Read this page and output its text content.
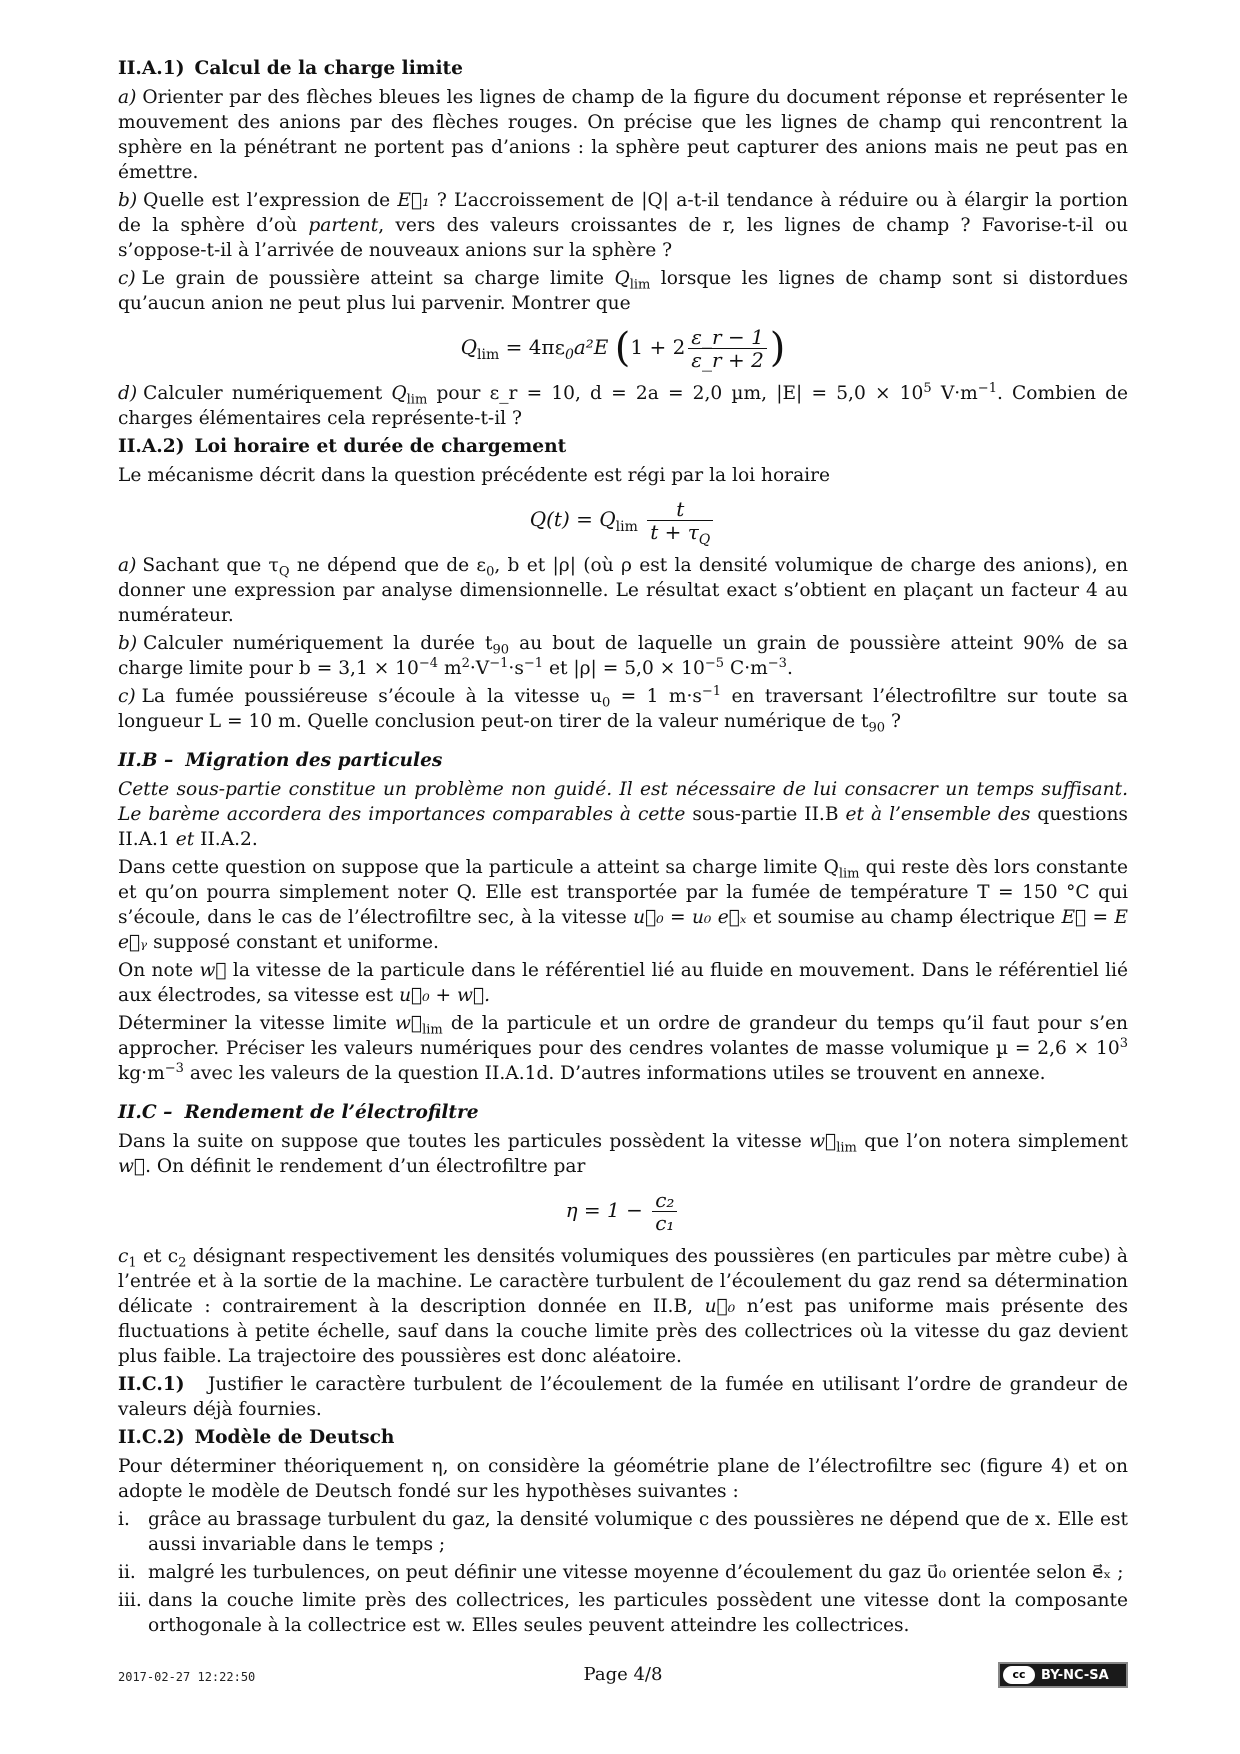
II.A.1) Calcul de la charge limite

a) Orienter par des flèches bleues les lignes de champ de la figure du document réponse et représenter le mouvement des anions par des flèches rouges. On précise que les lignes de champ qui rencontrent la sphère en la pénétrant ne portent pas d’anions : la sphère peut capturer des anions mais ne peut pas en émettre.

b) Quelle est l’expression de E⃗₁ ? L’accroissement de |Q| a-t-il tendance à réduire ou à élargir la portion de la sphère d’où partent, vers des valeurs croissantes de r, les lignes de champ ? Favorise-t-il ou s’oppose-t-il à l’arrivée de nouveaux anions sur la sphère ?

c) Le grain de poussière atteint sa charge limite $Q_{lim}$ lorsque les lignes de champ sont si distordues qu’aucun anion ne peut plus lui parvenir. Montrer que

$Q_{lim} = 4\pi\varepsilon_0a^2E$ ($1 + 2 \frac{\varepsilon\_r - 1}{\varepsilon\_r + 2}$ )

d) Calculer numériquement $Q_{lim}$ pour ε_r = 10, d = 2a = 2,0 µm, $|E| = 5,0 \times 10^5$ $V\cdot m^{-1}$. Combien de charges élémentaires cela représente-t-il ?

II.A.2) Loi horaire et durée de chargement

Le mécanisme décrit dans la question précédente est régi par la loi horaire

$Q(t) = Q_{lim} \frac{t}{t + \tau_Q}$

a) Sachant que $\tau_Q$ ne dépend que de $\varepsilon_0$, b et |ρ| (où ρ est la densité volumique de charge des anions), en donner une expression par analyse dimensionnelle. Le résultat exact s’obtient en plaçant un facteur 4 au numérateur.

b) Calculer numériquement la durée $t_{90}$ au bout de laquelle un grain de poussière atteint 90% de sa charge limite pour $b = 3,1 \times 10^{-4}$ $m^2\cdot V^{-1}\cdot s^{-1}$ et $|\rho| = 5,0 \times 10^{-5}$ $C\cdot m^{-3}$.

c) La fumée poussiéreuse s’écoule à la vitesse $u_0 = 1$ $m\cdot s^{-1}$ en traversant l’électrofiltre sur toute sa longueur L = 10 m. Quelle conclusion peut-on tirer de la valeur numérique de $t_{90}$ ?

II.B – Migration des particules

Cette sous-partie constitue un problème non guidé. Il est nécessaire de lui consacrer un temps suffisant. Le barème accordera des importances comparables à cette sous-partie II.B et à l’ensemble des questions II.A.1 et II.A.2.

Dans cette question on suppose que la particule a atteint sa charge limite $Q_{lim}$ qui reste dès lors constante et qu’on pourra simplement noter Q. Elle est transportée par la fumée de température T = 150 °C qui s’écoule, dans le cas de l’électrofiltre sec, à la vitesse u⃗₀ = u₀ e⃗ₓ et soumise au champ électrique E⃗ = E e⃗ᵧ supposé constant et uniforme.

On note w⃗ la vitesse de la particule dans le référentiel lié au fluide en mouvement. Dans le référentiel lié aux électrodes, sa vitesse est u⃗₀ + w⃗.

Déterminer la vitesse limite $w⃗_{lim}$ de la particule et un ordre de grandeur du temps qu’il faut pour s’en approcher. Préciser les valeurs numériques pour des cendres volantes de masse volumique $\mu = 2,6 \times 10^3$ $kg\cdot m^{-3}$ avec les valeurs de la question II.A.1d. D’autres informations utiles se trouvent en annexe.

II.C – Rendement de l’électrofiltre

Dans la suite on suppose que toutes les particules possèdent la vitesse $w⃗_{lim}$ que l’on notera simplement w⃗. On définit le rendement d’un électrofiltre par

$\eta = 1 - \frac{\text{c₂}}{\text{c₁}}$

$c_1$ et $c_2$ désignant respectivement les densités volumiques des poussières (en particules par mètre cube) à l’entrée et à la sortie de la machine. Le caractère turbulent de l’écoulement du gaz rend sa détermination délicate : contrairement à la description donnée en II.B, u⃗₀ n’est pas uniforme mais présente des fluctuations à petite échelle, sauf dans la couche limite près des collectrices où la vitesse du gaz devient plus faible. La trajectoire des poussières est donc aléatoire.

II.C.1) Justifier le caractère turbulent de l’écoulement de la fumée en utilisant l’ordre de grandeur de valeurs déjà fournies.

II.C.2) Modèle de Deutsch

Pour déterminer théoriquement η, on considère la géométrie plane de l’électrofiltre sec (figure 4) et on adopte le modèle de Deutsch fondé sur les hypothèses suivantes :

i. grâce au brassage turbulent du gaz, la densité volumique c des poussières ne dépend que de x. Elle est aussi invariable dans le temps ;
ii. malgré les turbulences, on peut définir une vitesse moyenne d’écoulement du gaz u⃗₀ orientée selon e⃗ₓ ;
iii. dans la couche limite près des collectrices, les particules possèdent une vitesse dont la composante orthogonale à la collectrice est w. Elles seules peuvent atteindre les collectrices.
2017-02-27 12:22:50	Page 4/8	cc	BY-NC-SA
